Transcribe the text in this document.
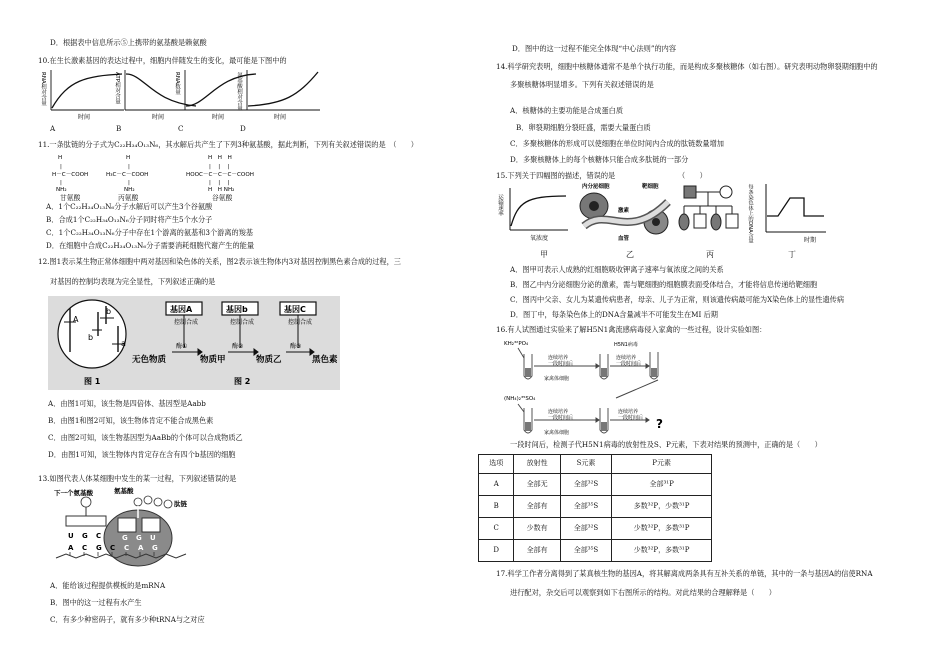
D．根据表中信息所示⑤上携带的氨基酸是赖氨酸
10.在生长激素基因的表达过程中，细胞内伴随发生的变化，最可能是下图中的
RNA相对含量
时间
ATP相对含量
时间
RNA数量
时间
氨基酸相对含量
时间
A	B	C	D
11.一条肽链的分子式为C₂₂H₃₄O₁₃N₆，其水解后共产生了下列3种氨基酸，据此判断，下列有关叙述错误的是　（　　）
H
|
H－C－COOH
|
NH₂
H
|
H₃C－C－COOH
|
NH₂
H　H　H
|　 |　 |
HOOC－C－C－C－COOH
|　 |　 |
H　H NH₂
甘氨酸	丙氨酸	谷氨酸
A．1个C₂₂H₃₄O₁₃N₆分子水解后可以产生3个谷氨酸
B．合成1个C₂₂H₃₄O₁₃N₆分子同时将产生5个水分子
C．1个C₂₂H₃₄O₁₃N₆分子中存在1个游离的氨基和3个游离的羧基
D．在细胞中合成C₂₂H₃₄O₁₃N₆分子需要消耗细胞代谢产生的能量
12.图1表示某生物正常体细胞中两对基因和染色体的关系，图2表示该生物体内3对基因控制黑色素合成的过程，三
对基因的控制均表现为完全显性，下列叙述正确的是
A
b
b
a
图 1
基因A	基因b	基因C
控制 合成	控制 合成	控制 合成
酶①	酶②	酶③
无色物质	物质甲	物质乙	黑色素
图 2
A．由图1可知，该生物是四倍体、基因型是Aabb
B．由图1和图2可知，该生物体肯定不能合成黑色素
C．由图2可知，该生物基因型为AaBb的个体可以合成物质乙
D．由图1可知，该生物体内肯定存在含有四个b基因的细胞
13.如图代表人体某细胞中发生的某一过程，下列叙述错误的是
下一个氨基酸	氨基酸
肽链
U G C	G G U
A C G C C A G
A．能给该过程提供模板的是mRNA
B．图中的这一过程有水产生
C．有多少种密码子，就有多少种tRNA与之对应
D．图中的这一过程不能完全体现“中心法则”的内容
14.科学研究表明，细胞中核糖体通常不是单个执行功能，而是构成多聚核糖体（如右图）。研究表明动物卵裂期细胞中的
多聚核糖体明显增多。下列有关叙述错误的是
A．核糖体的主要功能是合成蛋白质
B．卵裂期细胞分裂旺盛，需要大量蛋白质
C．多聚核糖体的形成可以使细胞在单位时间内合成的肽链数量增加
D．多聚核糖体上的每个核糖体只能合成多肽链的一部分
15.下列关于四幅图的描述，错误的是	（　　）
运输速率
氧浓度
内分泌细胞	靶细胞
激素
血管	每条染色体上的DNA含量	时期
甲	乙	丙	丁
A．图甲可表示人成熟的红细胞吸收钾离子速率与氧浓度之间的关系
B．图乙中内分泌细胞分泌的激素，需与靶细胞的细胞膜表面受体结合，才能将信息传递给靶细胞
C．图丙中父亲、女儿为某遗传病患者，母亲、儿子为正常，则该遗传病最可能为X染色体上的显性遗传病
D．图丁中，每条染色体上的DNA含量减半不可能发生在MI 后期
16.有人试图通过实验来了解H5N1禽流感病毒侵入家禽的一些过程，设计实验如图：
KH₂³²PO₄
(NH₄)₂³⁵SO₄
连续培养
一段时间后
连续培养
一段时间后
连续培养
一段时间后
H5N1病毒
连续培养
一段时间后
家禽体细胞
家禽体细胞
?
一段时间后，检测子代H5N1病毒的放射性及S、P元素，下表对结果的预测中，正确的是（　　）
选项	放射性	S元素	P元素
A	全部无	全部³²S	全部³¹P
B	全部有	全部³⁵S	多数³²P，少数³¹P
C	少数有	全部³²S	少数³²P，多数³¹P
D	全部有	全部³⁵S	少数³²P，多数³¹P
17.科学工作者分离得到了某真核生物的基因A，将其解离成两条具有互补关系的单链，其中的一条与基因A的信使RNA
进行配对，杂交后可以观察到如下右图所示的结构。对此结果的合理解释是（　　）
